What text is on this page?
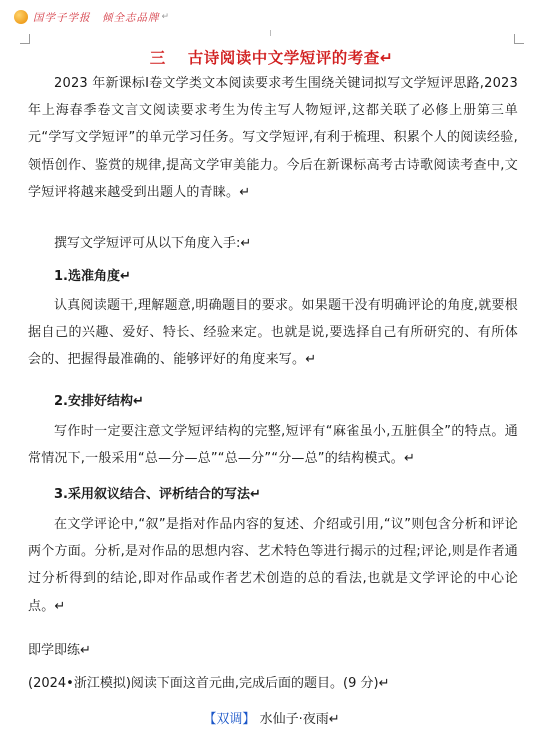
国学子学报　倾全志品牌 ↵
三 古诗阅读中文学短评的考查↵

2023 年新课标Ⅰ卷文学类文本阅读要求考生围绕关键词拟写文学短评思路,2023 年上海春季卷文言文阅读要求考生为传主写人物短评,这都关联了必修上册第三单元“学写文学短评”的单元学习任务。写文学短评,有利于梳理、积累个人的阅读经验,领悟创作、鉴赏的规律,提高文学审美能力。今后在新课标高考古诗歌阅读考查中,文学短评将越来越受到出题人的青睐。↵

撰写文学短评可从以下角度入手:↵
1.选准角度↵

认真阅读题干,理解题意,明确题目的要求。如果题干没有明确评论的角度,就要根据自己的兴趣、爱好、特长、经验来定。也就是说,要选择自己有所研究的、有所体会的、把握得最准确的、能够评好的角度来写。↵

2.安排好结构↵

写作时一定要注意文学短评结构的完整,短评有“麻雀虽小,五脏俱全”的特点。通常情况下,一般采用“总—分—总”“总—分”“分—总”的结构模式。↵

3.采用叙议结合、评析结合的写法↵

在文学评论中,“叙”是指对作品内容的复述、介绍或引用,“议”则包含分析和评论两个方面。分析,是对作品的思想内容、艺术特色等进行揭示的过程;评论,则是作者通过分析得到的结论,即对作品或作者艺术创造的总的看法,也就是文学评论的中心论点。↵

即学即练↵
(2024•浙江模拟)阅读下面这首元曲,完成后面的题目。(9 分)↵
【双调】 水仙子·夜雨↵
